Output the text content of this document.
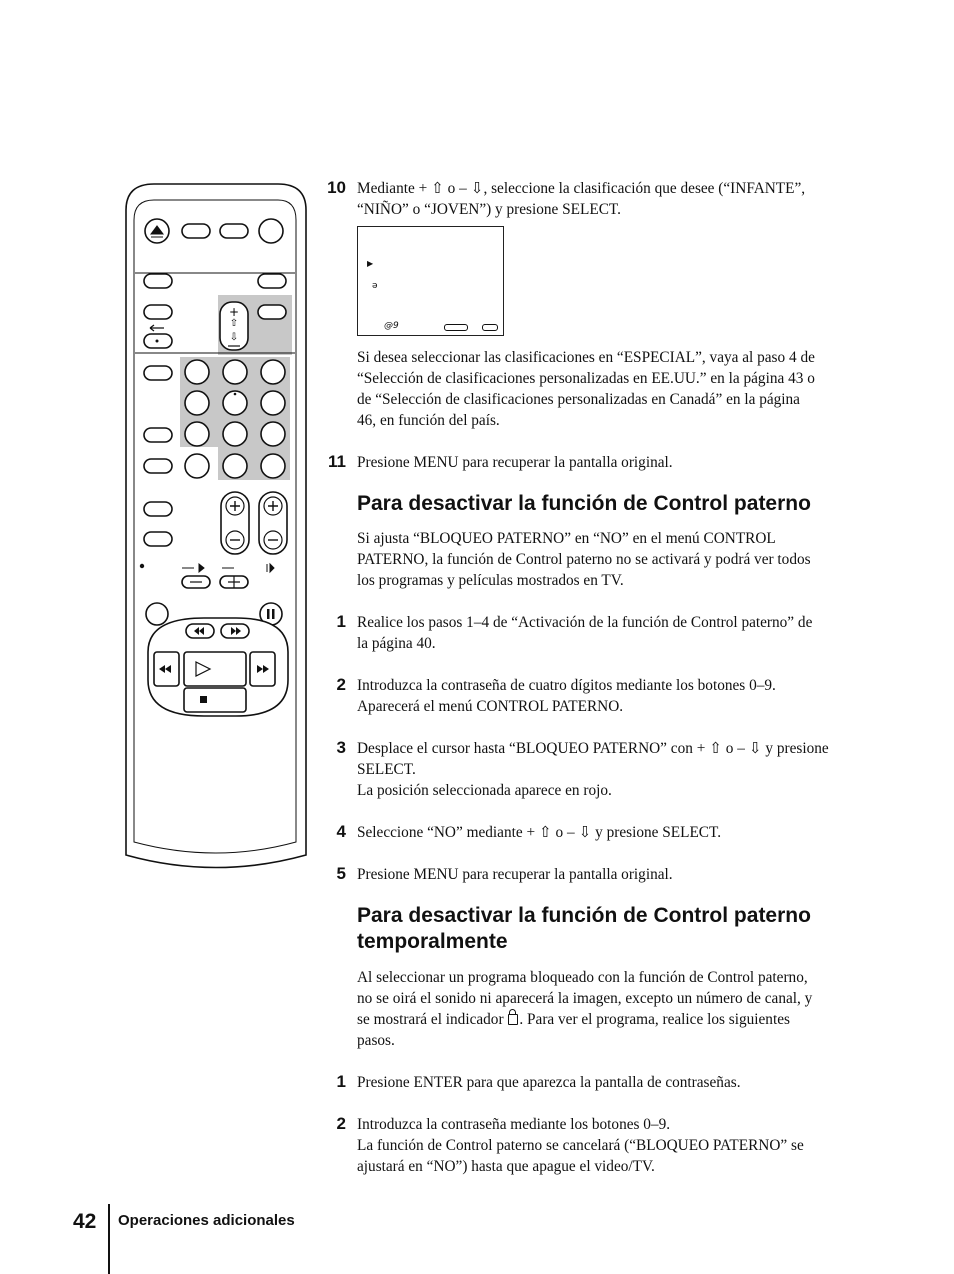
+
⇧
⇩
10 Mediante + ⇧ o – ⇩, seleccione la clasificación que desee (“INFANTE”,
“NIÑO” o “JOVEN”) y presione SELECT.
▶
ə
@9
Si desea seleccionar las clasificaciones en “ESPECIAL”, vaya al paso 4 de
“Selección de clasificaciones personalizadas en EE.UU.” en la página 43 o
de “Selección de clasificaciones personalizadas en Canadá” en la página
46, en función del país.
11 Presione MENU para recuperar la pantalla original.
Para desactivar la función de Control paterno
Si ajusta “BLOQUEO PATERNO” en “NO” en el menú CONTROL
PATERNO, la función de Control paterno no se activará y podrá ver todos
los programas y películas mostrados en TV.
1 Realice los pasos 1–4 de “Activación de la función de Control paterno” de
la página 40.
2 Introduzca la contraseña de cuatro dígitos mediante los botones 0–9.
Aparecerá el menú CONTROL PATERNO.
3 Desplace el cursor hasta “BLOQUEO PATERNO” con + ⇧ o – ⇩ y presione
SELECT.
La posición seleccionada aparece en rojo.
4 Seleccione “NO” mediante + ⇧ o – ⇩ y presione SELECT.
5 Presione MENU para recuperar la pantalla original.
Para desactivar la función de Control paterno
temporalmente
Al seleccionar un programa bloqueado con la función de Control paterno,
no se oirá el sonido ni aparecerá la imagen, excepto un número de canal, y
se mostrará el indicador . Para ver el programa, realice los siguientes
pasos.
1 Presione ENTER para que aparezca la pantalla de contraseñas.
2 Introduzca la contraseña mediante los botones 0–9.
La función de Control paterno se cancelará (“BLOQUEO PATERNO” se
ajustará en “NO”) hasta que apague el video/TV.
42 Operaciones adicionales
